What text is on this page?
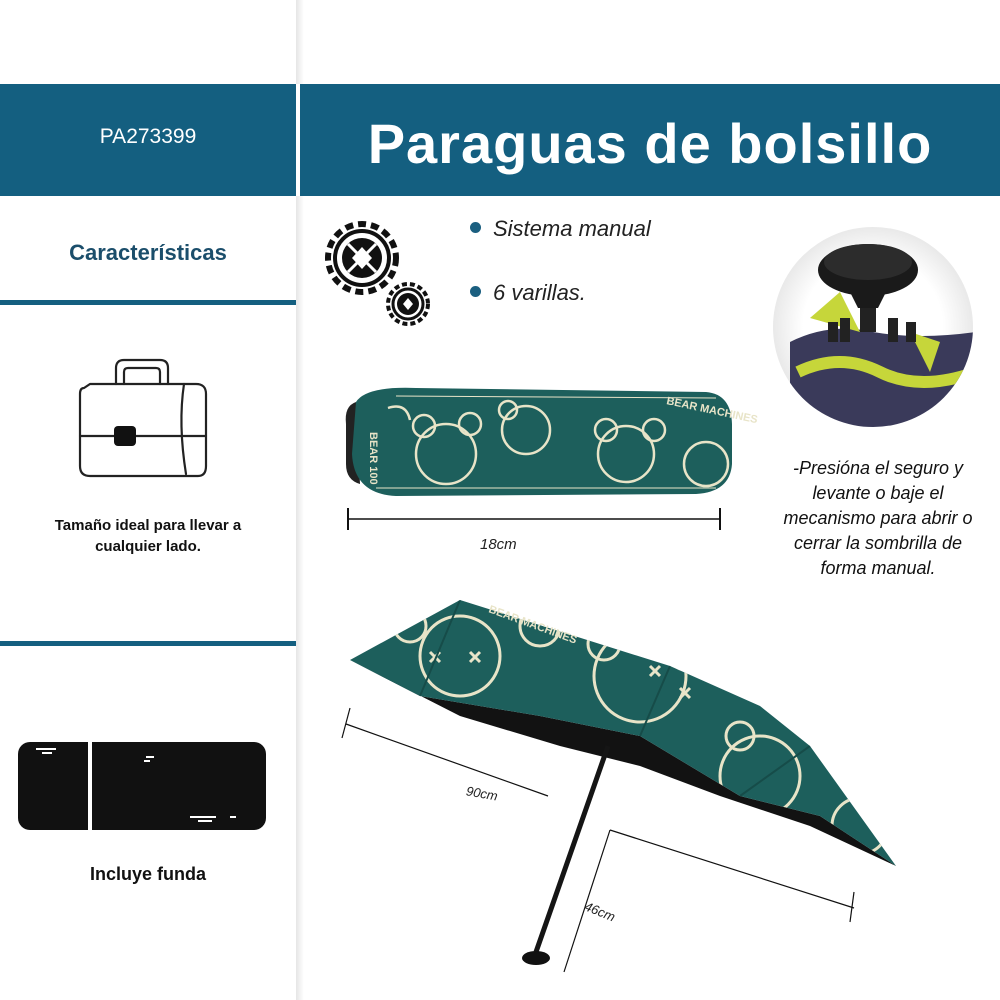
PA273399	Paraguas de bolsillo
Características
Tamaño ideal para llevar a cualquier lado.
Incluye funda
Sistema manual
6 varillas.
BEAR MACHINES
BEAR 100
18cm
-Presióna el seguro y levante o baje el mecanismo para abrir o cerrar la sombrilla de forma manual.
BEAR MACHINES
90cm
46cm
